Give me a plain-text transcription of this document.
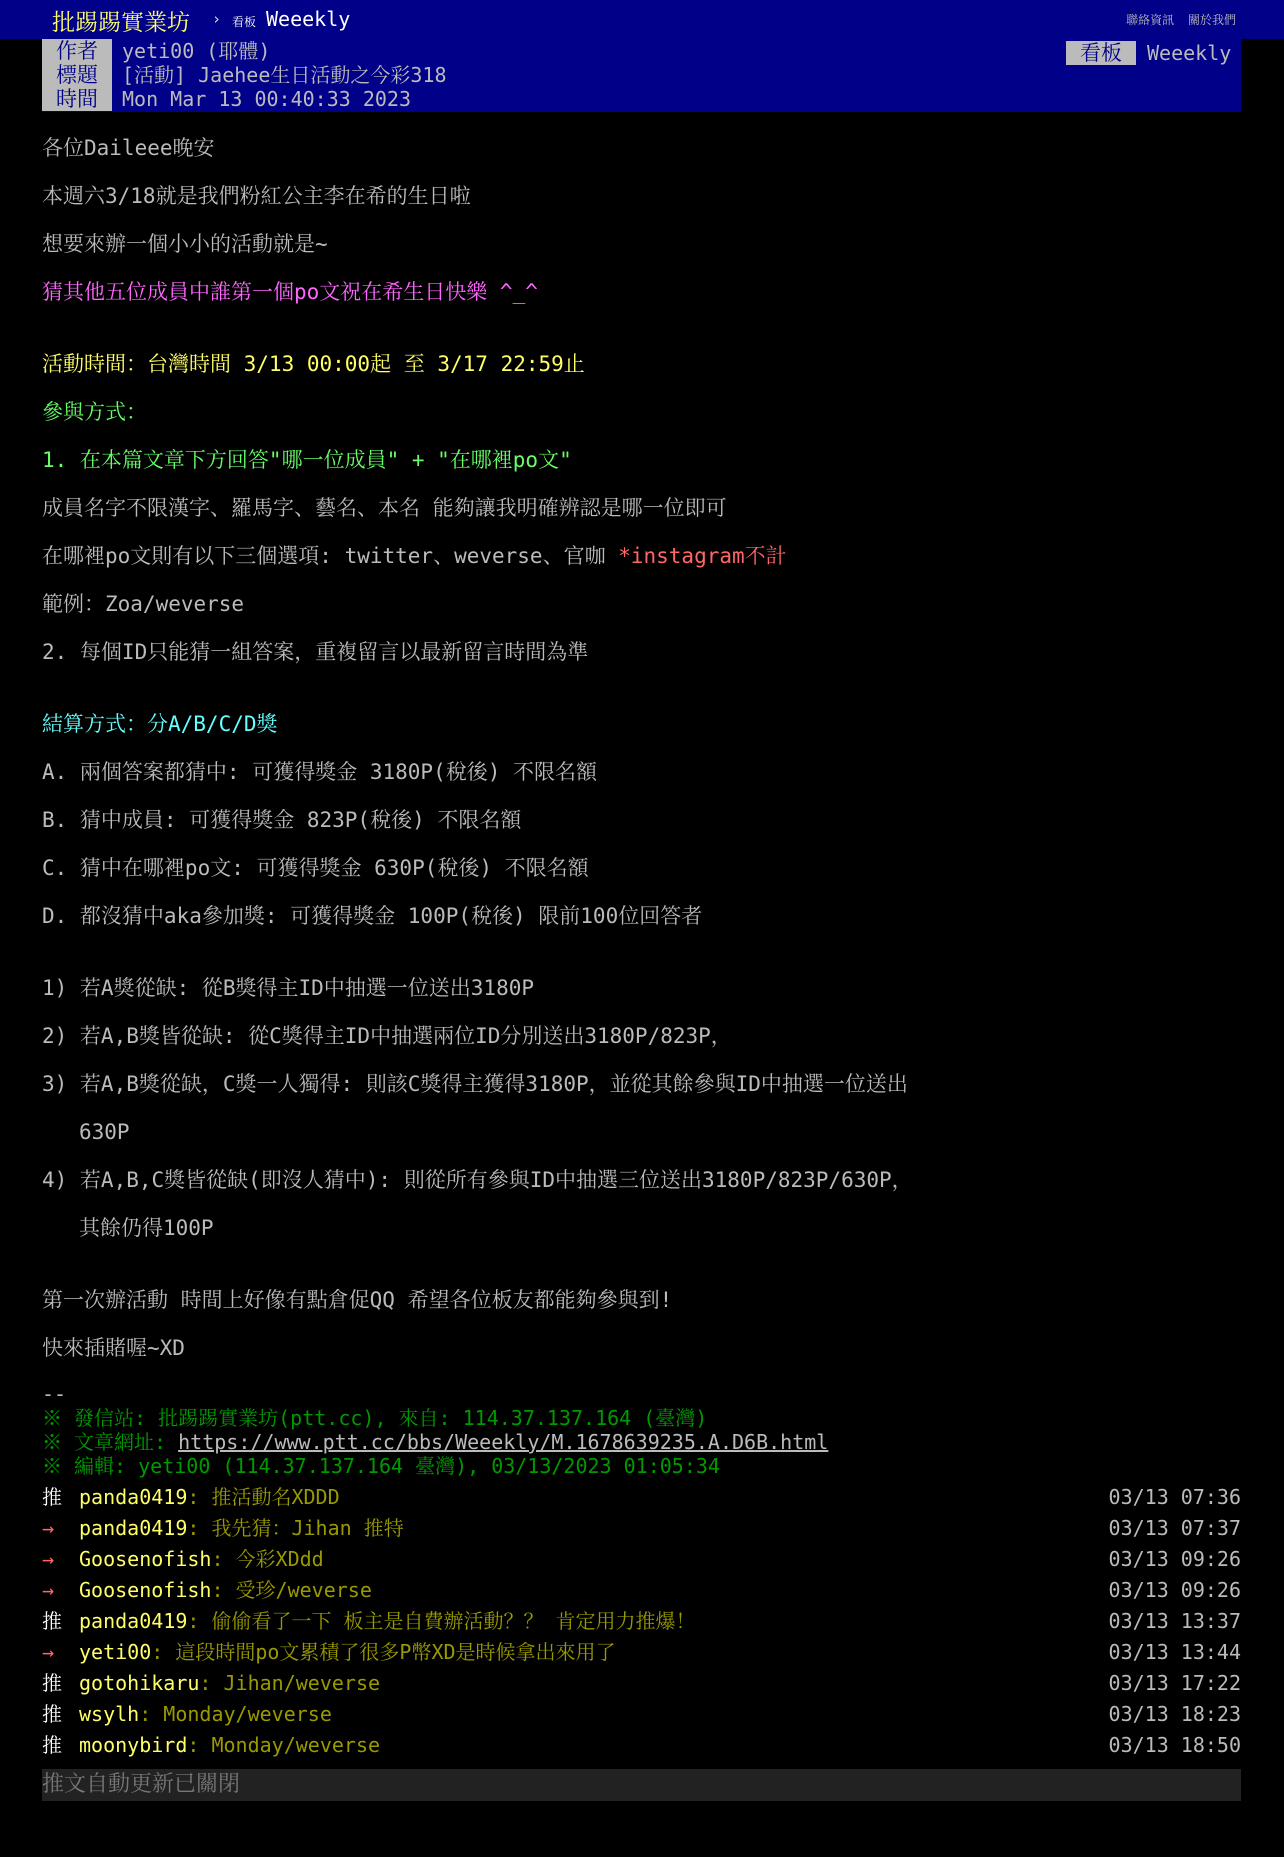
批踢踢實業坊 › 看板 Weeekly	聯絡資訊 關於我們
作者	yeti00 (耶體)
標題	[活動] Jaehee生日活動之今彩318
時間	Mon Mar 13 00:40:33 2023
看板	Weeekly
各位Daileee晚安
本週六3/18就是我們粉紅公主李在希的生日啦
想要來辦一個小小的活動就是~
猜其他五位成員中誰第一個po文祝在希生日快樂 ^_^
活動時間：台灣時間 3/13 00:00起 至 3/17 22:59止
參與方式：
1. 在本篇文章下方回答"哪一位成員" + "在哪裡po文"
成員名字不限漢字、羅馬字、藝名、本名 能夠讓我明確辨認是哪一位即可
在哪裡po文則有以下三個選項: twitter、weverse、官咖 *instagram不計
範例：Zoa/weverse
2. 每個ID只能猜一組答案，重複留言以最新留言時間為準
結算方式：分A/B/C/D獎
A. 兩個答案都猜中: 可獲得獎金 3180P(稅後) 不限名額
B. 猜中成員: 可獲得獎金 823P(稅後) 不限名額
C. 猜中在哪裡po文: 可獲得獎金 630P(稅後) 不限名額
D. 都沒猜中aka參加獎: 可獲得獎金 100P(稅後) 限前100位回答者
1) 若A獎從缺: 從B獎得主ID中抽選一位送出3180P
2) 若A,B獎皆從缺: 從C獎得主ID中抽選兩位ID分別送出3180P/823P，
3) 若A,B獎從缺，C獎一人獨得: 則該C獎得主獲得3180P，並從其餘參與ID中抽選一位送出
630P
4) 若A,B,C獎皆從缺(即沒人猜中): 則從所有參與ID中抽選三位送出3180P/823P/630P，
其餘仍得100P
第一次辦活動 時間上好像有點倉促QQ 希望各位板友都能夠參與到!
快來插賭喔~XD
--
※ 發信站: 批踢踢實業坊(ptt.cc), 來自: 114.37.137.164 (臺灣)
※ 文章網址: https://www.ptt.cc/bbs/Weeekly/M.1678639235.A.D6B.html
※ 編輯: yeti00 (114.37.137.164 臺灣), 03/13/2023 01:05:34
推 panda0419: 推活動名XDDD	03/13 07:36
→ panda0419: 我先猜：Jihan 推特	03/13 07:37
→ Goosenofish: 今彩XDdd	03/13 09:26
→ Goosenofish: 受珍/weverse	03/13 09:26
推 panda0419: 偷偷看了一下 板主是自費辦活動？？ 肯定用力推爆！	03/13 13:37
→ yeti00: 這段時間po文累積了很多P幣XD是時候拿出來用了	03/13 13:44
推 gotohikaru: Jihan/weverse	03/13 17:22
推 wsylh: Monday/weverse	03/13 18:23
推 moonybird: Monday/weverse	03/13 18:50
推文自動更新已關閉
